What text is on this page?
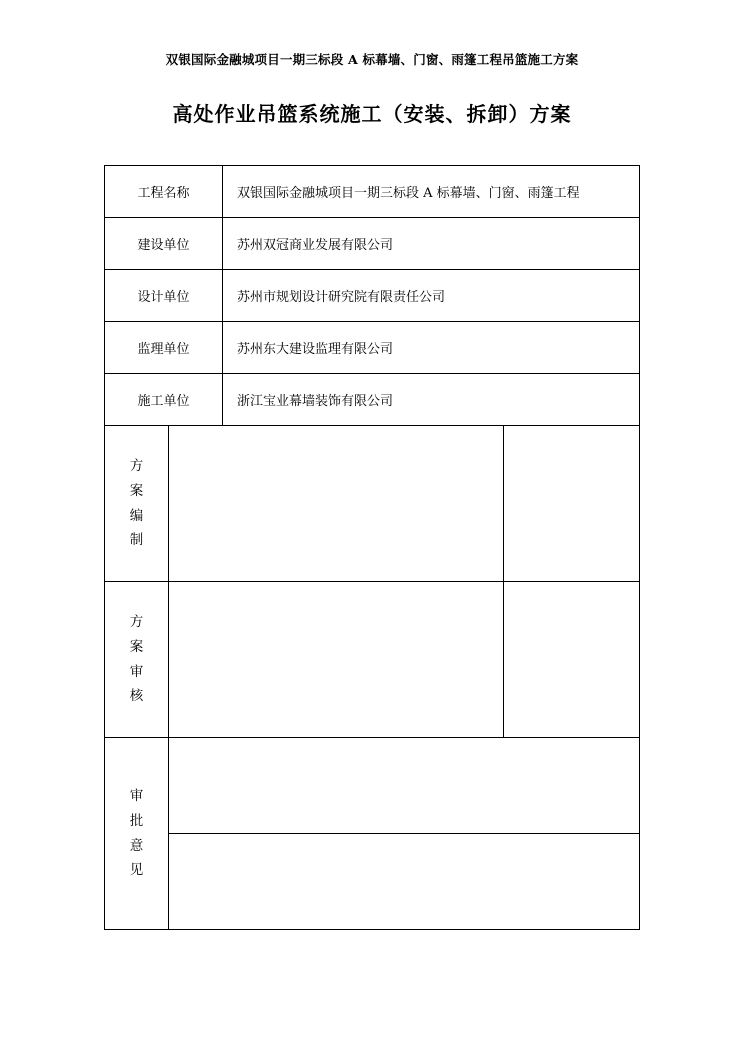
双银国际金融城项目一期三标段 A 标幕墙、门窗、雨篷工程吊篮施工方案
高处作业吊篮系统施工（安装、拆卸）方案
工程名称		双银国际金融城项目一期三标段 A 标幕墙、门窗、雨篷工程	
建设单位		苏州双冠商业发展有限公司	
设计单位		苏州市规划设计研究院有限责任公司	
监理单位		苏州东大建设监理有限公司	
施工单位		浙江宝业幕墙装饰有限公司	

方
案
编
制			

方
案
审
核			

审
批
意
见			
